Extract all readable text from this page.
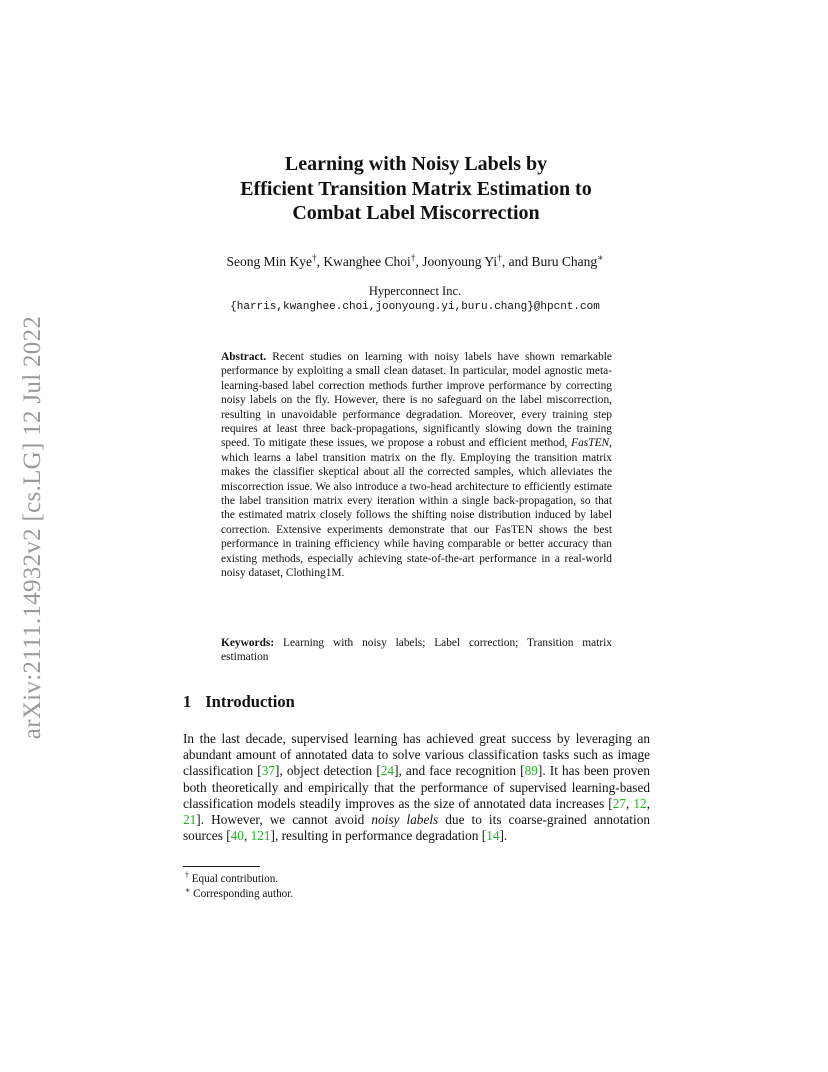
arXiv:2111.14932v2 [cs.LG] 12 Jul 2022
Learning with Noisy Labels by
Efficient Transition Matrix Estimation to
Combat Label Miscorrection
Seong Min Kye†, Kwanghee Choi†, Joonyoung Yi†, and Buru Chang∗
Hyperconnect Inc.
{harris,kwanghee.choi,joonyoung.yi,buru.chang}@hpcnt.com

Abstract. Recent studies on learning with noisy labels have shown remarkable performance by exploiting a small clean dataset. In particular, model agnostic meta-learning-based label correction methods further improve performance by correcting noisy labels on the fly. However, there is no safeguard on the label miscorrection, resulting in unavoidable performance degradation. Moreover, every training step requires at least three back-propagations, significantly slowing down the training speed. To mitigate these issues, we propose a robust and efficient method, FasTEN, which learns a label transition matrix on the fly. Employing the transition matrix makes the classifier skeptical about all the corrected samples, which alleviates the miscorrection issue. We also introduce a two-head architecture to efficiently estimate the label transition matrix every iteration within a single back-propagation, so that the estimated matrix closely follows the shifting noise distribution induced by label correction. Extensive experiments demonstrate that our FasTEN shows the best performance in training efficiency while having comparable or better accuracy than existing methods, especially achieving state-of-the-art performance in a real-world noisy dataset, Clothing1M.

Keywords: Learning with noisy labels; Label correction; Transition matrix estimation

1 Introduction

In the last decade, supervised learning has achieved great success by leveraging an abundant amount of annotated data to solve various classification tasks such as image classification [37], object detection [24], and face recognition [89]. It has been proven both theoretically and empirically that the performance of supervised learning-based classification models steadily improves as the size of annotated data increases [27, 12, 21]. However, we cannot avoid noisy labels due to its coarse-grained annotation sources [40, 121], resulting in performance degradation [14].

† Equal contribution.
∗ Corresponding author.
